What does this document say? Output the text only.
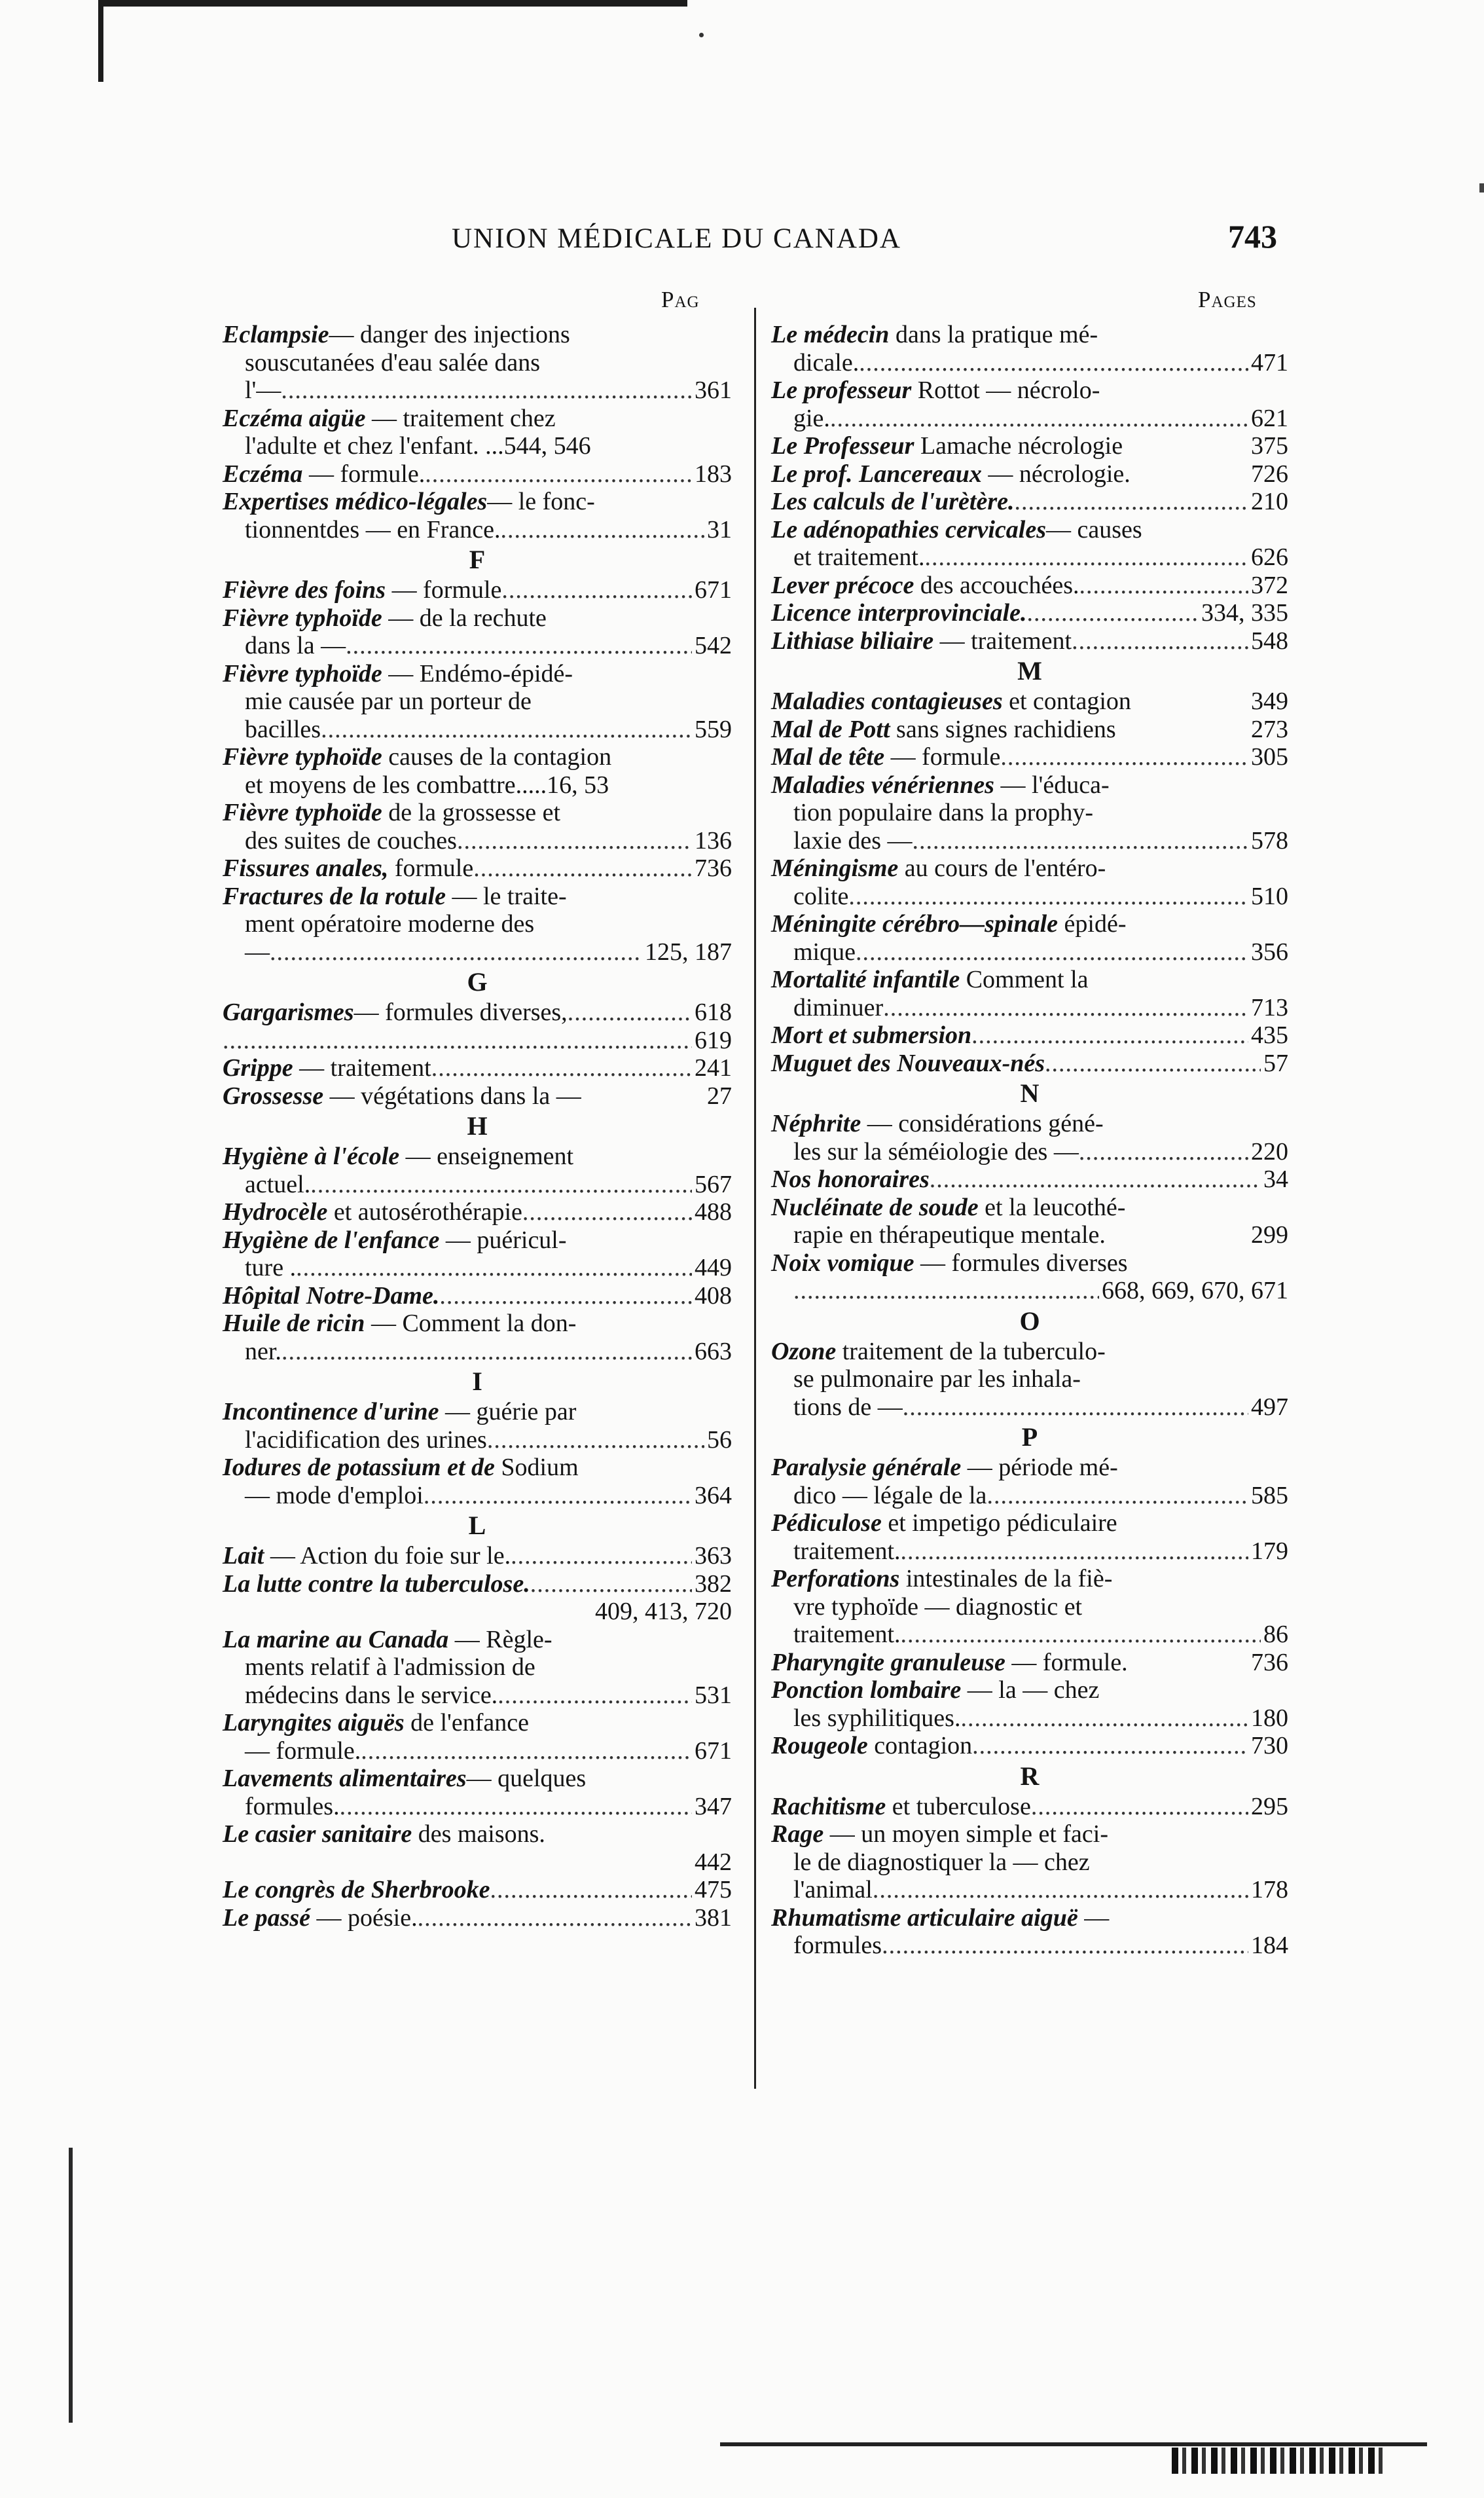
UNION MÉDICALE DU CANADA	743
Pag	Pages
Eclampsie— danger des injections
souscutanées d'eau salée dans
l'— .....	361
Eczéma aigüe — traitement chez
l'adulte et chez l'enfant. ...544, 546
Eczéma — formule. .....	183
Expertises médico-légales— le fonc-
tionnentdes — en France. .....	31
F
Fièvre des foins — formule .....	671
Fièvre typhoïde — de la rechute
dans la — .....	542
Fièvre typhoïde — Endémo-épidé-
mie causée par un porteur de
bacilles .....	559
Fièvre typhoïde causes de la contagion
et moyens de les combattre.....16, 53
Fièvre typhoïde de la grossesse et
des suites de couches .....	136
Fissures anales, formule .....	736
Fractures de la rotule — le traite-
ment opératoire moderne des
— .....	125, 187
G
Gargarismes— formules diverses, .....	618
.....
619
Grippe — traitement .....	241
Grossesse — végétations dans la —	27
H
Hygiène à l'école — enseignement
actuel. .....	567
Hydrocèle et autosérothérapie .....	488
Hygiène de l'enfance — puéricul-
ture . .....	449
Hôpital Notre-Dame. .....	408
Huile de ricin — Comment la don-
ner. .....	663
I
Incontinence d'urine — guérie par
l'acidification des urines .....	56
Iodures de potassium et de Sodium
— mode d'emploi .....	364
L
Lait — Action du foie sur le. .....	363
La lutte contre la tuberculose. .....	382
409, 413, 720
La marine au Canada — Règle-
ments relatif à l'admission de
médecins dans le service. .....	531
Laryngites aiguës de l'enfance
— formule. .....	671
Lavements alimentaires— quelques
formules. .....	347
Le casier sanitaire des maisons.
442
Le congrès de Sherbrooke .....	475
Le passé — poésie. .....	381
Le médecin dans la pratique mé-
dicale. .....	471
Le professeur Rottot — nécrolo-
gie. .....	621
Le Professeur Lamache nécrologie	375
Le prof. Lancereaux — nécrologie.	726
Les calculs de l'urètère. .....	210
Le adénopathies cervicales— causes
et traitement. .....	626
Lever précoce des accouchées. .....	372
Licence interprovinciale. .....	334, 335
Lithiase biliaire — traitement .....	548
M
Maladies contagieuses et contagion	349
Mal de Pott sans signes rachidiens	273
Mal de tête — formule .....	305
Maladies vénériennes — l'éduca-
tion populaire dans la prophy-
laxie des — .....	578
Méningisme au cours de l'entéro-
colite .....	510
Méningite cérébro—spinale épidé-
mique .....	356
Mortalité infantile Comment la
diminuer .....	713
Mort et submersion .....	435
Muguet des Nouveaux-nés .....	57
N
Néphrite — considérations géné-
les sur la séméiologie des — .....	220
Nos honoraires .....	34
Nucléinate de soude et la leucothé-
rapie en thérapeutique mentale.	299
Noix vomique — formules diverses
.....
668, 669, 670, 671
O
Ozone traitement de la tuberculo-
se pulmonaire par les inhala-
tions de — .....	497
P
Paralysie générale — période mé-
dico — légale de la .....	585
Pédiculose et impetigo pédiculaire
traitement. .....	179
Perforations intestinales de la fiè-
vre typhoïde — diagnostic et
traitement. .....	86
Pharyngite granuleuse — formule.	736
Ponction lombaire — la — chez
les syphilitiques. .....	180
Rougeole contagion .....	730
R
Rachitisme et tuberculose .....	295
Rage — un moyen simple et faci-
le de diagnostiquer la — chez
l'animal .....	178
Rhumatisme articulaire aiguë —
formules .....	184
